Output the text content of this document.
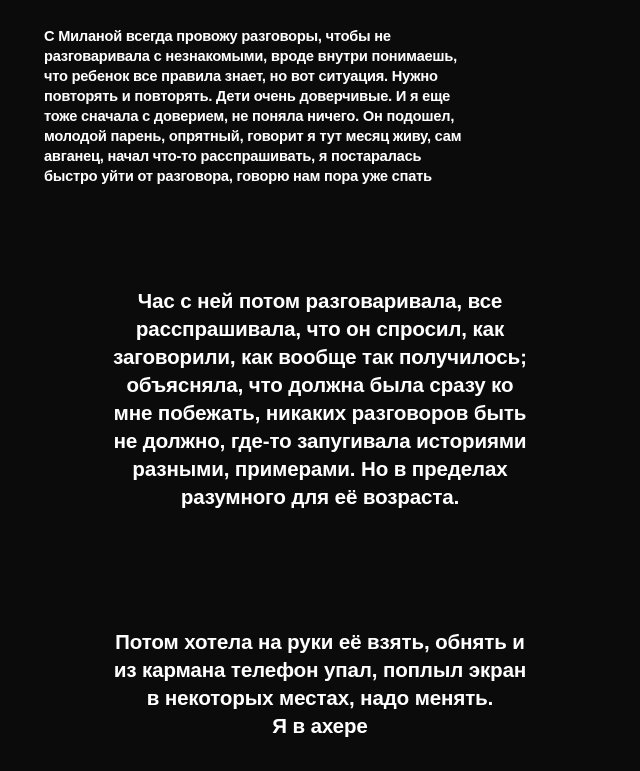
С Миланой всегда провожу разговоры, чтобы не
разговаривала с незнакомыми, вроде внутри понимаешь,
что ребенок все правила знает, но вот ситуация. Нужно
повторять и повторять. Дети очень доверчивые. И я еще
тоже сначала с доверием, не поняла ничего. Он подошел,
молодой парень, опрятный, говорит я тут месяц живу, сам
авганец, начал что-то расспрашивать, я постаралась
быстро уйти от разговора, говорю нам пора уже спать
Час с ней потом разговаривала, все
расспрашивала, что он спросил, как
заговорили, как вообще так получилось;
объясняла, что должна была сразу ко
мне побежать, никаких разговоров быть
не должно, где-то запугивала историями
разными, примерами. Но в пределах
разумного для её возраста.
Потом хотела на руки её взять, обнять и
из кармана телефон упал, поплыл экран
в некоторых местах, надо менять.
Я в ахере
